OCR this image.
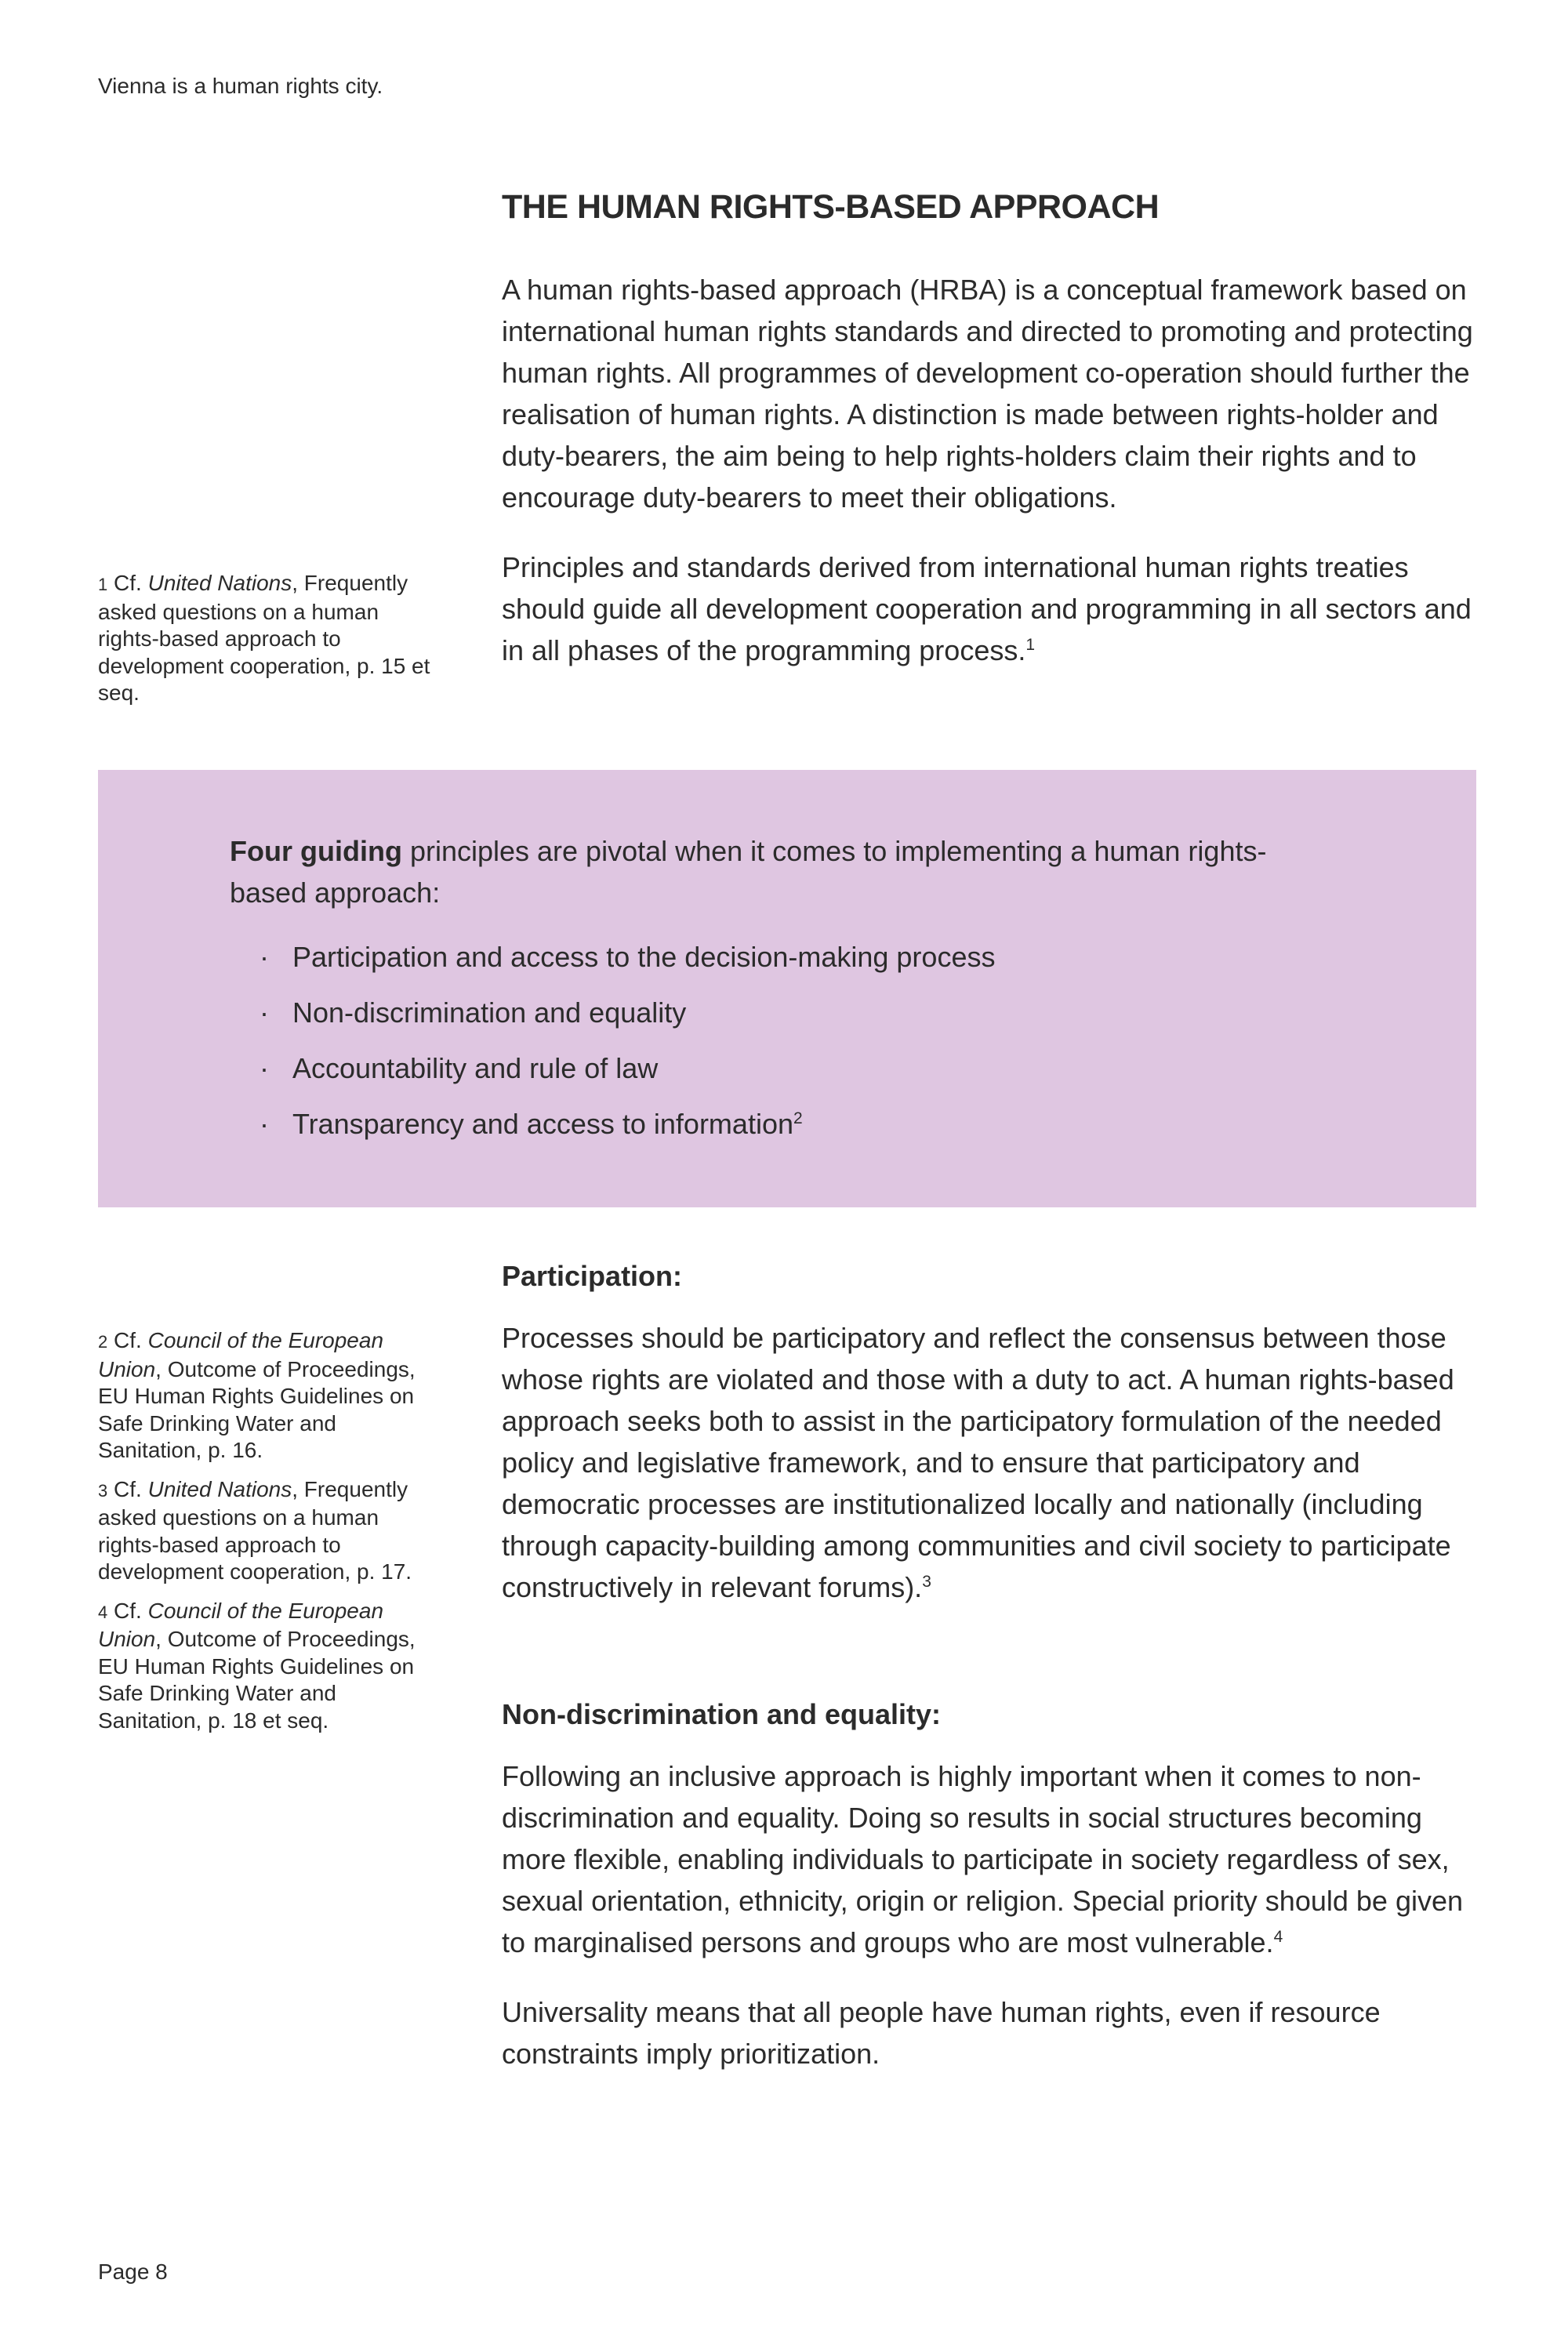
Vienna is a human rights city.
THE HUMAN RIGHTS-BASED APPROACH

A human rights-based approach (HRBA) is a conceptual framework based on international human rights standards and directed to promoting and protecting human rights. All programmes of development co-operation should further the realisation of human rights. A distinction is made between rights-holder and duty-bearers, the aim being to help rights-holders claim their rights and to encourage duty-bearers to meet their obligations.

Principles and standards derived from international human rights treaties should guide all development cooperation and programming in all sectors and in all phases of the programming process.$^1$

1 Cf. United Nations, Frequently asked questions on a human rights-based approach to development cooperation, p. 15 et seq.

Four guiding principles are pivotal when it comes to implementing a human rights-based approach:
· Participation and access to the decision-making process
· Non-discrimination and equality
· Accountability and rule of law
· Transparency and access to information$^2$

2 Cf. Council of the European Union, Outcome of Proceedings, EU Human Rights Guidelines on Safe Drinking Water and Sanitation, p. 16.

3 Cf. United Nations, Frequently asked questions on a human rights-based approach to development cooperation, p. 17.

4 Cf. Council of the European Union, Outcome of Proceedings, EU Human Rights Guidelines on Safe Drinking Water and Sanitation, p. 18 et seq.

Participation:

Processes should be participatory and reflect the consensus between those whose rights are violated and those with a duty to act. A human rights-based approach seeks both to assist in the participatory formulation of the needed policy and legislative framework, and to ensure that participatory and democratic processes are institutionalized locally and nationally (including through capacity-building among communities and civil society to participate constructively in relevant forums).$^3$

Non-discrimination and equality:

Following an inclusive approach is highly important when it comes to non-discrimination and equality. Doing so results in social structures becoming more flexible, enabling individuals to participate in society regardless of sex, sexual orientation, ethnicity, origin or religion. Special priority should be given to marginalised persons and groups who are most vulnerable.$^4$

Universality means that all people have human rights, even if resource constraints imply prioritization.

Page 8
